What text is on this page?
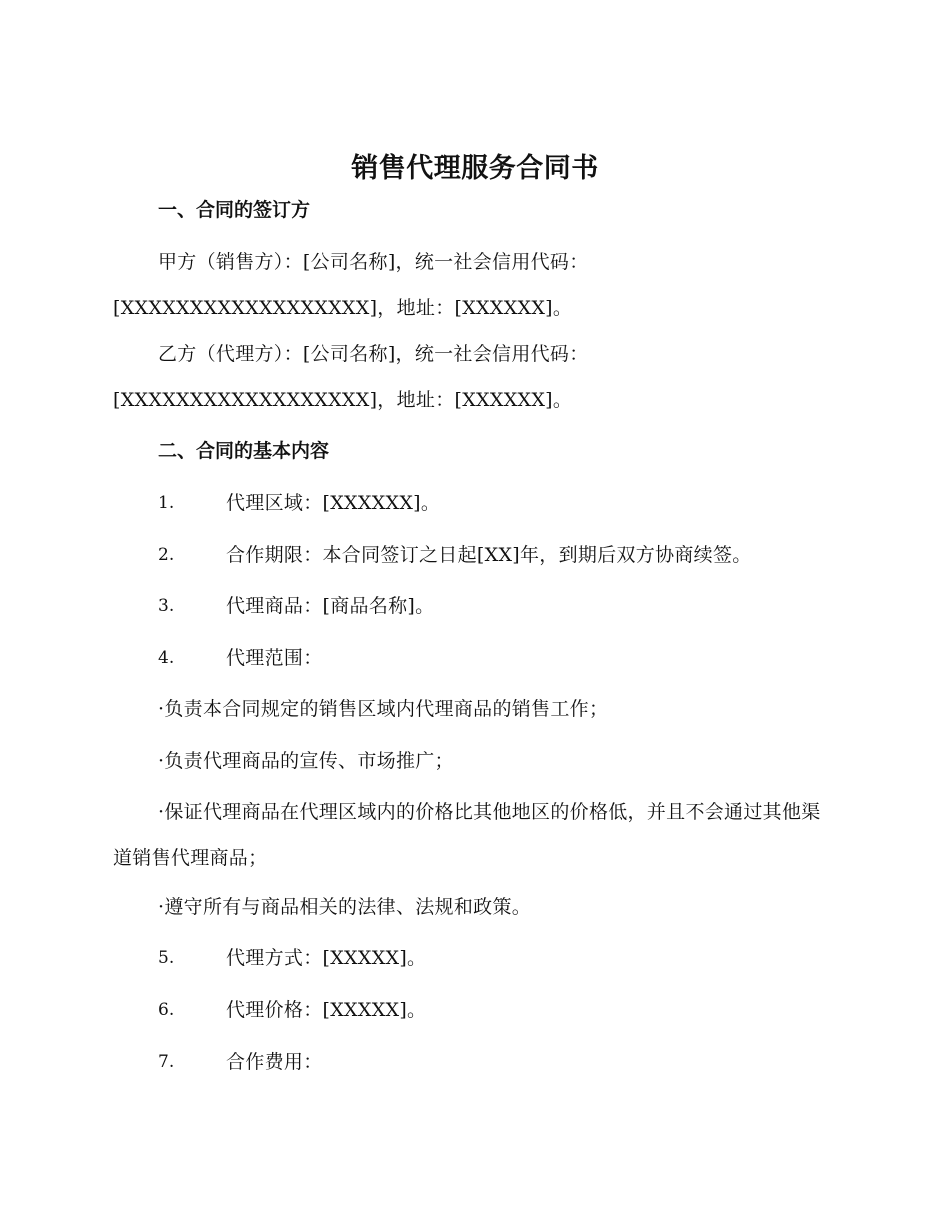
销售代理服务合同书
一、合同的签订方
甲方（销售方）：[公司名称]，统一社会信用代码：[XXXXXXXXXXXXXXXXXX]，地址：[XXXXXX]。
乙方（代理方）：[公司名称]，统一社会信用代码：[XXXXXXXXXXXXXXXXXX]，地址：[XXXXXX]。
二、合同的基本内容
1.	代理区域：[XXXXXX]。
2.	合作期限：本合同签订之日起[XX]年，到期后双方协商续签。
3.	代理商品：[商品名称]。
4.	代理范围：
·负责本合同规定的销售区域内代理商品的销售工作；
·负责代理商品的宣传、市场推广；
·保证代理商品在代理区域内的价格比其他地区的价格低，并且不会通过其他渠道销售代理商品；
·遵守所有与商品相关的法律、法规和政策。
5.	代理方式：[XXXXX]。
6.	代理价格：[XXXXX]。
7.	合作费用：
